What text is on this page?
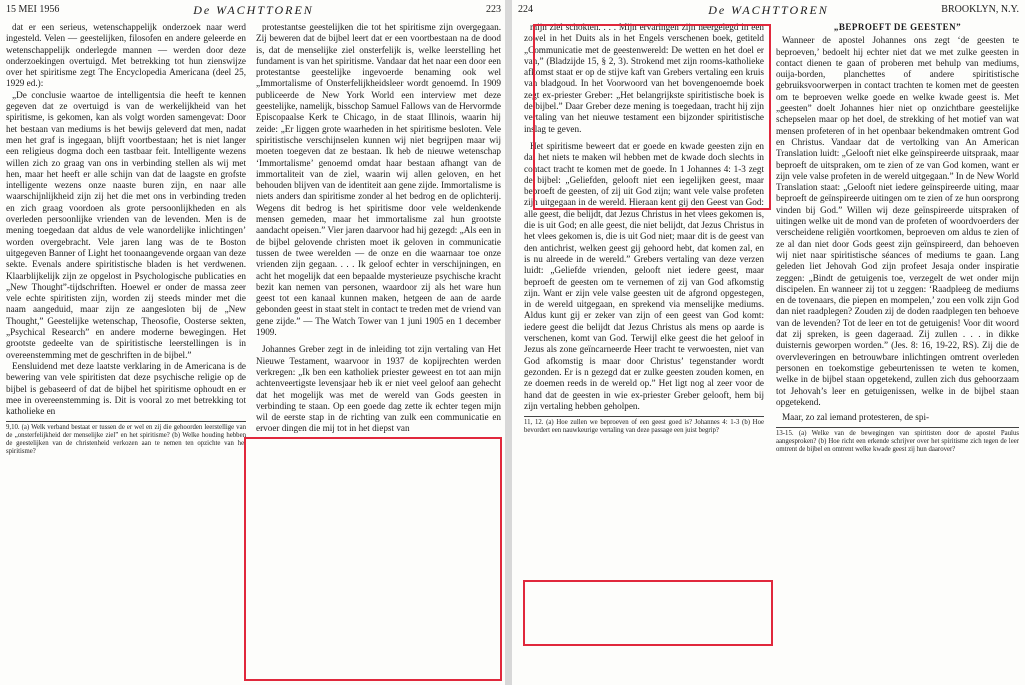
15 MEI 1956	De WACHTTOREN	223

dat er een serieus, wetenschappelijk onderzoek naar werd ingesteld. Velen — geestelijken, filosofen en andere geleerde en wetenschappelijk onderlegde mannen — werden door deze onderzoekingen overtuigd. Met betrekking tot hun zienswijze over het spiritisme zegt The Encyclopedia Americana (deel 25, 1929 ed.):

„De conclusie waartoe de intelligentsia die heeft te kennen gegeven dat ze overtuigd is van de werkelijkheid van het spiritisme, is gekomen, kan als volgt worden samengevat: Door het bestaan van mediums is het bewijs geleverd dat men, nadat men het graf is ingegaan, blijft voortbestaan; het is niet langer een religieus dogma doch een tastbaar feit. Intelligente wezens willen zich zo graag van ons in verbinding stellen als wij met hen, maar het heeft er alle schijn van dat de laagste en grofste intelligente wezens onze naaste buren zijn, en naar alle waarschijnlijkheid zijn zij het die met ons in verbinding treden en zich graag voordoen als grote persoonlijkheden en als overleden persoonlijke vrienden van de levenden. Men is de mening toegedaan dat aldus de vele wanordelijke inlichtingen’ worden overgebracht. Vele jaren lang was de te Boston uitgegeven Banner of Light het toonaangevende orgaan van deze sekte. Evenals andere spiritistische bladen is het verdwenen. Klaarblijkelijk zijn ze opgelost in Psychologische publicaties en „New Thought”-tijdschriften. Hoewel er onder de massa zeer vele echte spiritisten zijn, worden zij steeds minder met die naam aangeduid, maar zijn ze aangesloten bij de „New Thought,” Geestelijke wetenschap, Theosofie, Oosterse sekten, „Psychical Research” en andere moderne bewegingen. Het grootste gedeelte van de spiritistische leerstellingen is in overeenstemming met de geschriften in de bijbel.”

Eensluidend met deze laatste verklaring in de Americana is de bewering van vele spiritisten dat deze psychische religie op de bijbel is gebaseerd of dat de bijbel het spiritisme ophoudt en er mee in overeenstemming is. Dit is vooral zo met betrekking tot katholieke en

9,10. (a) Welk verband bestaat er tussen de er wel en zij die gehoorden leerstellige van de „onsterfelijkheid der menselijke ziel” en het spiritisme? (b) Welke houding hebben de geestelijken van de christenheid verkozen aan te nemen ten opzichte van het spiritisme?

protestantse geestelijken die tot het spiritisme zijn overgegaan. Zij beweren dat de bijbel leert dat er een voortbestaan na de dood is, dat de menselijke ziel onsterfelijk is, welke leerstelling het fundament is van het spiritisme. Vandaar dat het naar een door een protestantse geestelijke ingevoerde benaming ook wel „Immortalisme of Onsterfelijkheidsleer wordt genoemd. In 1909 publiceerde de New York World een interview met deze geestelijke, namelijk, bisschop Samuel Fallows van de Hervormde Episcopaalse Kerk te Chicago, in de staat Illinois, waarin hij zeide: „Er liggen grote waarheden in het spiritisme besloten. Vele spiritistische verschijnselen kunnen wij niet begrijpen maar wij moeten toegeven dat ze bestaan. Ik heb de nieuwe wetenschap ‘Immortalisme’ genoemd omdat haar bestaan afhangt van de immortaliteit van de ziel, waarin wij allen geloven, en het behouden blijven van de identiteit aan gene zijde. Immortalisme is niets anders dan spiritisme zonder al het bedrog en de oplichterij. Wegens dit bedrog is het spiritisme door vele weldenkende mensen gemeden, maar het immortalisme zal hun grootste aandacht opeisen.” Vier jaren daarvoor had hij gezegd: „Als een in de bijbel gelovende christen moet ik geloven in communicatie tussen de twee werelden — de onze en die waarnaar toe onze vrienden zijn gegaan. . . . Ik geloof echter in verschijningen, en acht het mogelijk dat een bepaalde mysterieuze psychische kracht bezit kan nemen van personen, waardoor zij als het ware hun geest tot een kanaal kunnen maken, hetgeen de aan de aarde gebonden geest in staat stelt in contact te treden met de vriend van gene zijde.” — The Watch Tower van 1 juni 1905 en 1 december 1909.

Johannes Greber zegt in de inleiding tot zijn vertaling van Het Nieuwe Testament, waarvoor in 1937 de kopijrechten werden verkregen: „Ik ben een katholiek priester geweest en tot aan mijn achtenveertigste levensjaar heb ik er niet veel geloof aan gehecht dat het mogelijk was met de wereld van Gods geesten in verbinding te staan. Op een goede dag zette ik echter tegen mijn wil de eerste stap in de richting van zulk een communicatie en ervoer dingen die mij tot in het diepst van

224	De WACHTTOREN	BROOKLYN, N.Y.

mijn ziel schokten. . . . Mijn ervaringen zijn neergelegd in een zowel in het Duits als in het Engels verschenen boek, getiteld „Communicatie met de geestenwereld: De wetten en het doel er van,” (Bladzijde 15, § 2, 3). Strokend met zijn rooms-katholieke afkomst staat er op de stijve kaft van Grebers vertaling een kruis van bladgoud. In het Voorwoord van het bovengenoemde boek zegt ex-priester Greber: „Het belangrijkste spiritistische boek is de bijbel.” Daar Greber deze mening is toegedaan, tracht hij zijn vertaling van het nieuwe testament een bijzonder spiritistische inslag te geven.

Het spiritisme beweert dat er goede en kwade geesten zijn en dat het niets te maken wil hebben met de kwade doch slechts in contact tracht te komen met de goede. In 1 Johannes 4: 1-3 zegt de bijbel: „Geliefden, gelooft niet een iegelijken geest, maar beproeft de geesten, of zij uit God zijn; want vele valse profeten zijn uitgegaan in de wereld. Hieraan kent gij den Geest van God: alle geest, die belijdt, dat Jezus Christus in het vlees gekomen is, die is uit God; en alle geest, die niet belijdt, dat Jezus Christus in het vlees gekomen is, die is uit God niet; maar dit is de geest van den antichrist, welken geest gij gehoord hebt, dat komen zal, en is nu alreede in de wereld.” Grebers vertaling van deze verzen luidt: „Geliefde vrienden, gelooft niet iedere geest, maar beproeft de geesten om te vernemen of zij van God afkomstig zijn. Want er zijn vele valse geesten uit de afgrond opgestegen, in de wereld uitgegaan, en sprekend via menselijke mediums. Aldus kunt gij er zeker van zijn of een geest van God komt: iedere geest die belijdt dat Jezus Christus als mens op aarde is verschenen, komt van God. Terwijl elke geest die het geloof in Jezus als zone geïncarneerde Heer tracht te verwoesten, niet van God afkomstig is maar door Christus’ tegenstander wordt gezonden. Er is n gezegd dat er zulke geesten zouden komen, en ze doemen reeds in de wereld op.” Het ligt nog al zeer voor de hand dat de geesten in wie ex-priester Greber gelooft, hem bij zijn vertaling hebben geholpen.

11, 12. (a) Hoe zullen we beproeven of een geest goed is? Johannes 4: 1-3 (b) Hoe bevordert een nauwkeurige vertaling van deze passage een juist begrip?

„BEPROEFT DE GEESTEN”

Wanneer de apostel Johannes ons zegt ‘de geesten te beproeven,’ bedoelt hij echter niet dat we met zulke geesten in contact dienen te gaan of proberen met behulp van mediums, ouija-borden, planchettes of andere spiritistische gebruiksvoorwerpen in contact trachten te komen met de geesten om te beproeven welke goede en welke kwade geest is. Met „geesten” doelt Johannes hier niet op onzichtbare geestelijke schepselen maar op het doel, de strekking of het motief van wat mensen profeteren of in het openbaar bekendmaken omtrent God en Christus. Vandaar dat de vertolking van An American Translation luidt: „Gelooft niet elke geïnspireerde uitspraak, maar beproeft de uitspraken, om te zien of ze van God komen, want er zijn vele valse profeten in de wereld uitgegaan.” In de New World Translation staat: „Gelooft niet iedere geïnspireerde uiting, maar beproeft de geïnspireerde uitingen om te zien of ze hun oorsprong vinden bij God.” Willen wij deze geïnspireerde uitspraken of uitingen welke uit de mond van de profeten of woordvoerders der verscheidene religiën voortkomen, beproeven om aldus te zien of ze al dan niet door Gods geest zijn geïnspireerd, dan behoeven wij niet naar spiritistische séances of mediums te gaan. Lang geleden liet Jehovah God zijn profeet Jesaja onder inspiratie zeggen: „Bindt de getuigenis toe, verzegelt de wet onder mijn discipelen. En wanneer zij tot u zeggen: ‘Raadpleeg de mediums en de tovenaars, die piepen en mompelen,’ zou een volk zijn God dan niet raadplegen? Zouden zij de doden raadplegen ten behoeve van de levenden? Tot de leer en tot de getuigenis! Voor dit woord dat zij spreken, is geen dageraad. Zij zullen . . . in dikke duisternis geworpen worden.” (Jes. 8: 16, 19-22, RS). Zij die de overvleveringen en betrouwbare inlichtingen omtrent overleden personen en toekomstige gebeurtenissen te weten te komen, welke in de bijbel staan opgetekend, zullen zich dus gehoorzaam tot Jehovah’s leer en getuigenissen, welke in de bijbel staan opgetekend.

Maar, zo zal iemand protesteren, de spi-

13-15. (a) Welke van de bewegingen van spiritisten door de apostel Paulus aangesproken? (b) Hoe richt een erkende schrijver over het spiritisme zich tegen de leer omtrent de bijbel en omtrent welke kwade geest zij hun daarover?
